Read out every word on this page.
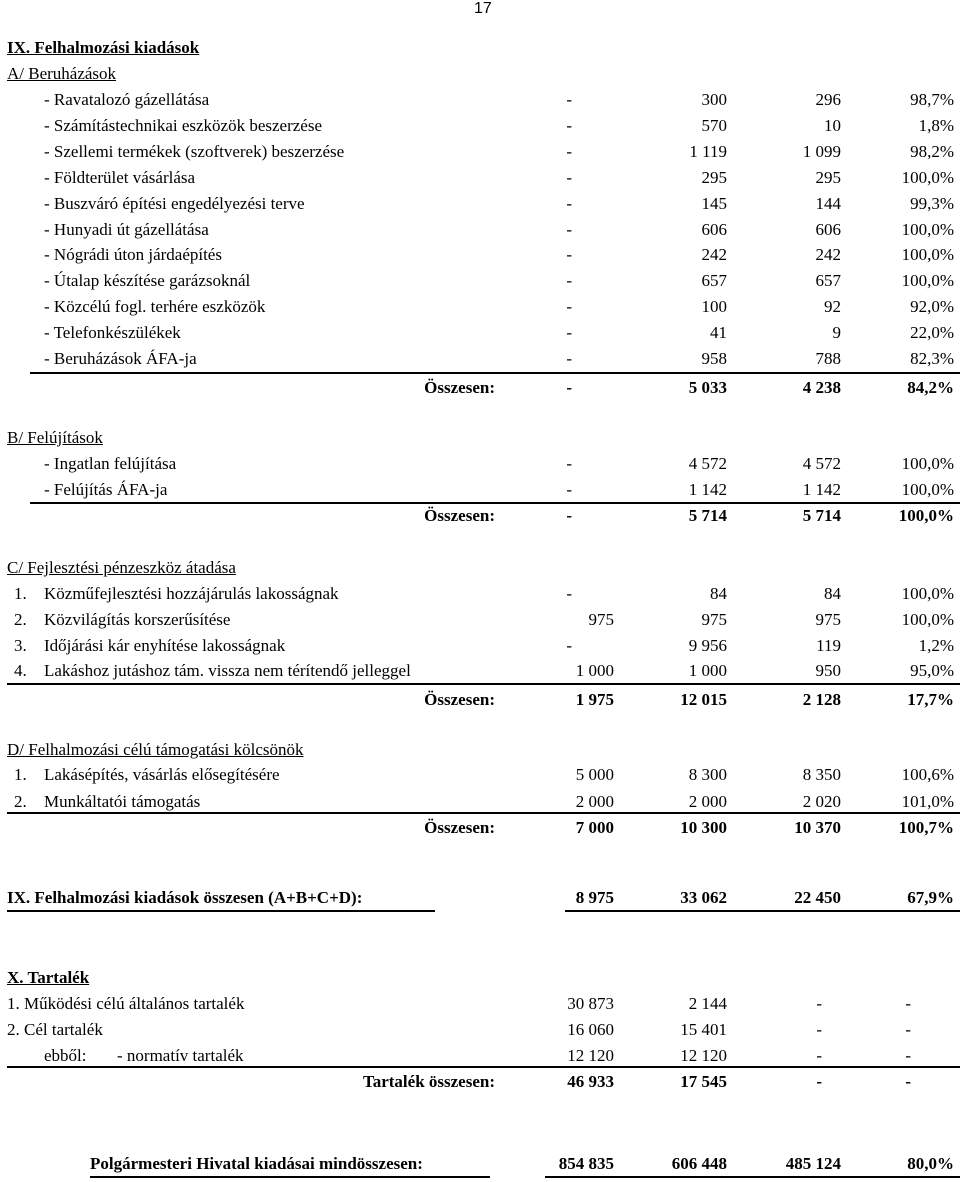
17
IX. Felhalmozási kiadások
A/ Beruházások
- Ravatalozó gázellátása	-	300	296	98,7%
- Számítástechnikai eszközök beszerzése	-	570	10	1,8%
- Szellemi termékek (szoftverek) beszerzése	-	1 119	1 099	98,2%
- Földterület vásárlása	-	295	295	100,0%
- Buszváró építési engedélyezési terve	-	145	144	99,3%
- Hunyadi út gázellátása	-	606	606	100,0%
- Nógrádi úton járdaépítés	-	242	242	100,0%
- Útalap készítése garázsoknál	-	657	657	100,0%
- Közcélú fogl. terhére eszközök	-	100	92	92,0%
- Telefonkészülékek	-	41	9	22,0%
- Beruházások ÁFA-ja	-	958	788	82,3%
Összesen:	-	5 033	4 238	84,2%
B/ Felújítások
- Ingatlan felújítása	-	4 572	4 572	100,0%
- Felújítás ÁFA-ja	-	1 142	1 142	100,0%
Összesen:	-	5 714	5 714	100,0%
C/ Fejlesztési pénzeszköz átadása
1. Közműfejlesztési hozzájárulás lakosságnak	-	84	84	100,0%
2. Közvilágítás korszerűsítése	975	975	975	100,0%
3. Időjárási kár enyhítése lakosságnak	-	9 956	119	1,2%
4. Lakáshoz jutáshoz tám. vissza nem térítendő jelleggel	1 000	1 000	950	95,0%
Összesen:	1 975	12 015	2 128	17,7%
D/ Felhalmozási célú támogatási kölcsönök
1. Lakásépítés, vásárlás elősegítésére	5 000	8 300	8 350	100,6%
2. Munkáltatói támogatás	2 000	2 000	2 020	101,0%
Összesen:	7 000	10 300	10 370	100,7%
IX. Felhalmozási kiadások összesen (A+B+C+D):	8 975	33 062	22 450	67,9%
X. Tartalék
1. Működési célú általános tartalék	30 873	2 144	-	-
2. Cél tartalék	16 060	15 401	-	-
ebből: - normatív tartalék	12 120	12 120	-	-
Tartalék összesen:	46 933	17 545	-	-
Polgármesteri Hivatal kiadásai mindösszesen:	854 835	606 448	485 124	80,0%
